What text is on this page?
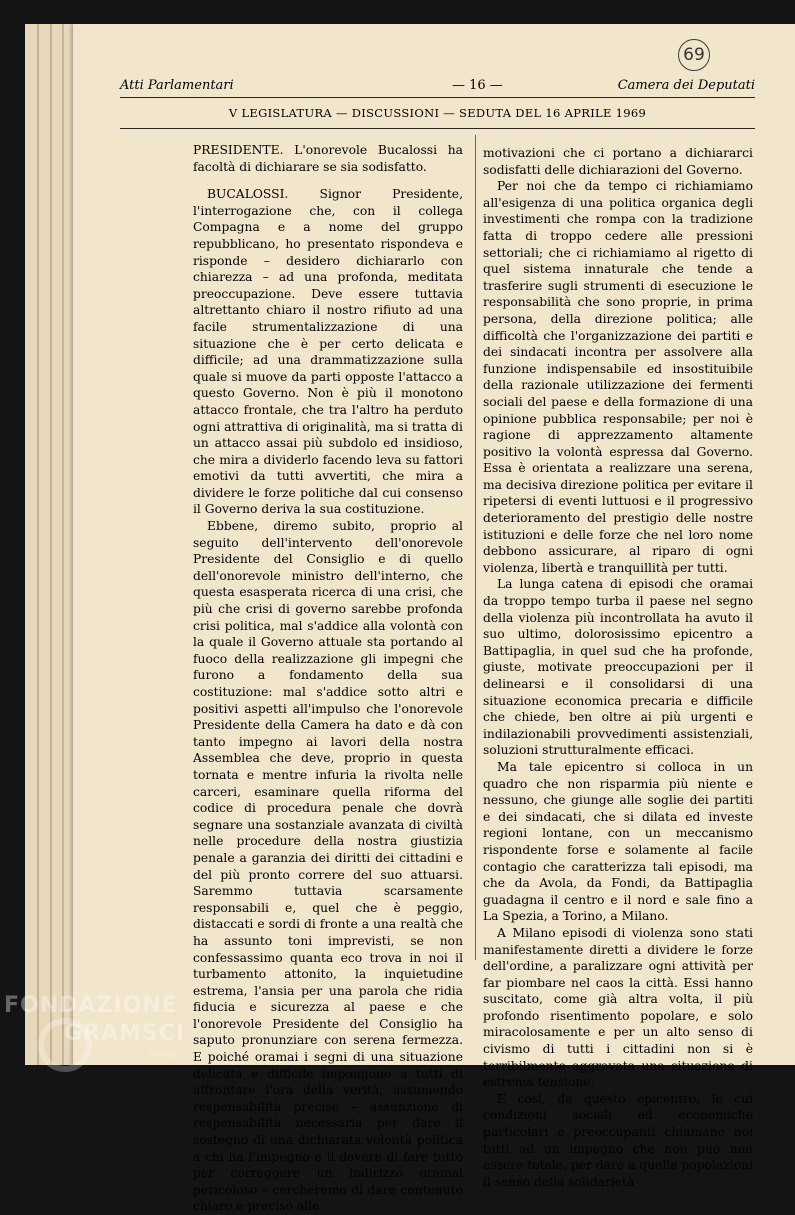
69
Atti Parlamentari	— 16 —	Camera dei Deputati
V LEGISLATURA — DISCUSSIONI — SEDUTA DEL 16 APRILE 1969

PRESIDENTE. L'onorevole Bucalossi ha facoltà di dichiarare se sia sodisfatto.

BUCALOSSI. Signor Presidente, l'interrogazione che, con il collega Compagna e a nome del gruppo repubblicano, ho presentato rispondeva e risponde – desidero dichiararlo con chiarezza – ad una profonda, meditata preoccupazione. Deve essere tuttavia altrettanto chiaro il nostro rifiuto ad una facile strumentalizzazione di una situazione che è per certo delicata e difficile; ad una drammatizzazione sulla quale si muove da parti opposte l'attacco a questo Governo. Non è più il monotono attacco frontale, che tra l'altro ha perduto ogni attrattiva di originalità, ma si tratta di un attacco assai più subdolo ed insidioso, che mira a dividerlo facendo leva su fattori emotivi da tutti avvertiti, che mira a dividere le forze politiche dal cui consenso il Governo deriva la sua costituzione.

Ebbene, diremo subito, proprio al seguito dell'intervento dell'onorevole Presidente del Consiglio e di quello dell'onorevole ministro dell'interno, che questa esasperata ricerca di una crisi, che più che crisi di governo sarebbe profonda crisi politica, mal s'addice alla volontà con la quale il Governo attuale sta portando al fuoco della realizzazione gli impegni che furono a fondamento della sua costituzione: mal s'addice sotto altri e positivi aspetti all'impulso che l'onorevole Presidente della Camera ha dato e dà con tanto impegno ai lavori della nostra Assemblea che deve, proprio in questa tornata e mentre infuria la rivolta nelle carceri, esaminare quella riforma del codice di procedura penale che dovrà segnare una sostanziale avanzata di civiltà nelle procedure della nostra giustizia penale a garanzia dei diritti dei cittadini e del più pronto correre del suo attuarsi. Saremmo tuttavia scarsamente responsabili e, quel che è peggio, distaccati e sordi di fronte a una realtà che ha assunto toni imprevisti, se non confessassimo quanta eco trova in noi il turbamento attonito, la inquietudine estrema, l'ansia per una parola che ridia fiducia e sicurezza al paese e che l'onorevole Presidente del Consiglio ha saputo pronunziare con serena fermezza. E poiché oramai i segni di una situazione delicata e difficile impongono a tutti di affrontare l'ora della verità, assumendo responsabilità precise – assunzione di responsabilità necessaria per dare il sostegno di una dichiarata volontà politica a chi ha l'impegno e il dovere di fare tutto per correggere un indirizzo oramai pericoloso – cercheremo di dare contenuto chiaro e preciso alle

motivazioni che ci portano a dichiararci sodisfatti delle dichiarazioni del Governo.

Per noi che da tempo ci richiamiamo all'esigenza di una politica organica degli investimenti che rompa con la tradizione fatta di troppo cedere alle pressioni settoriali; che ci richiamiamo al rigetto di quel sistema innaturale che tende a trasferire sugli strumenti di esecuzione le responsabilità che sono proprie, in prima persona, della direzione politica; alle difficoltà che l'organizzazione dei partiti e dei sindacati incontra per assolvere alla funzione indispensabile ed insostituibile della razionale utilizzazione dei fermenti sociali del paese e della formazione di una opinione pubblica responsabile; per noi è ragione di apprezzamento altamente positivo la volontà espressa dal Governo. Essa è orientata a realizzare una serena, ma decisiva direzione politica per evitare il ripetersi di eventi luttuosi e il progressivo deterioramento del prestigio delle nostre istituzioni e delle forze che nel loro nome debbono assicurare, al riparo di ogni violenza, libertà e tranquillità per tutti.

La lunga catena di episodi che oramai da troppo tempo turba il paese nel segno della violenza più incontrollata ha avuto il suo ultimo, dolorosissimo epicentro a Battipaglia, in quel sud che ha profonde, giuste, motivate preoccupazioni per il delinearsi e il consolidarsi di una situazione economica precaria e difficile che chiede, ben oltre ai più urgenti e indilazionabili provvedimenti assistenziali, soluzioni strutturalmente efficaci.

Ma tale epicentro si colloca in un quadro che non risparmia più niente e nessuno, che giunge alle soglie dei partiti e dei sindacati, che si dilata ed investe regioni lontane, con un meccanismo rispondente forse e solamente al facile contagio che caratterizza tali episodi, ma che da Avola, da Fondi, da Battipaglia guadagna il centro e il nord e sale fino a La Spezia, a Torino, a Milano.

A Milano episodi di violenza sono stati manifestamente diretti a dividere le forze dell'ordine, a paralizzare ogni attività per far piombare nel caos la città. Essi hanno suscitato, come già altra volta, il più profondo risentimento popolare, e solo miracolosamente e per un alto senso di civismo di tutti i cittadini non si è terribilmente aggravata una situazione di estrema tensione.

E così, da questo epicentro, le cui condizioni sociali ed economiche particolari e preoccupanti chiamano noi tutti ad un impegno che non può non essere totale, per dare a quelle popolazioni il senso della solidarietà

FONDAZIONE
GRAMSCI
Onlus
